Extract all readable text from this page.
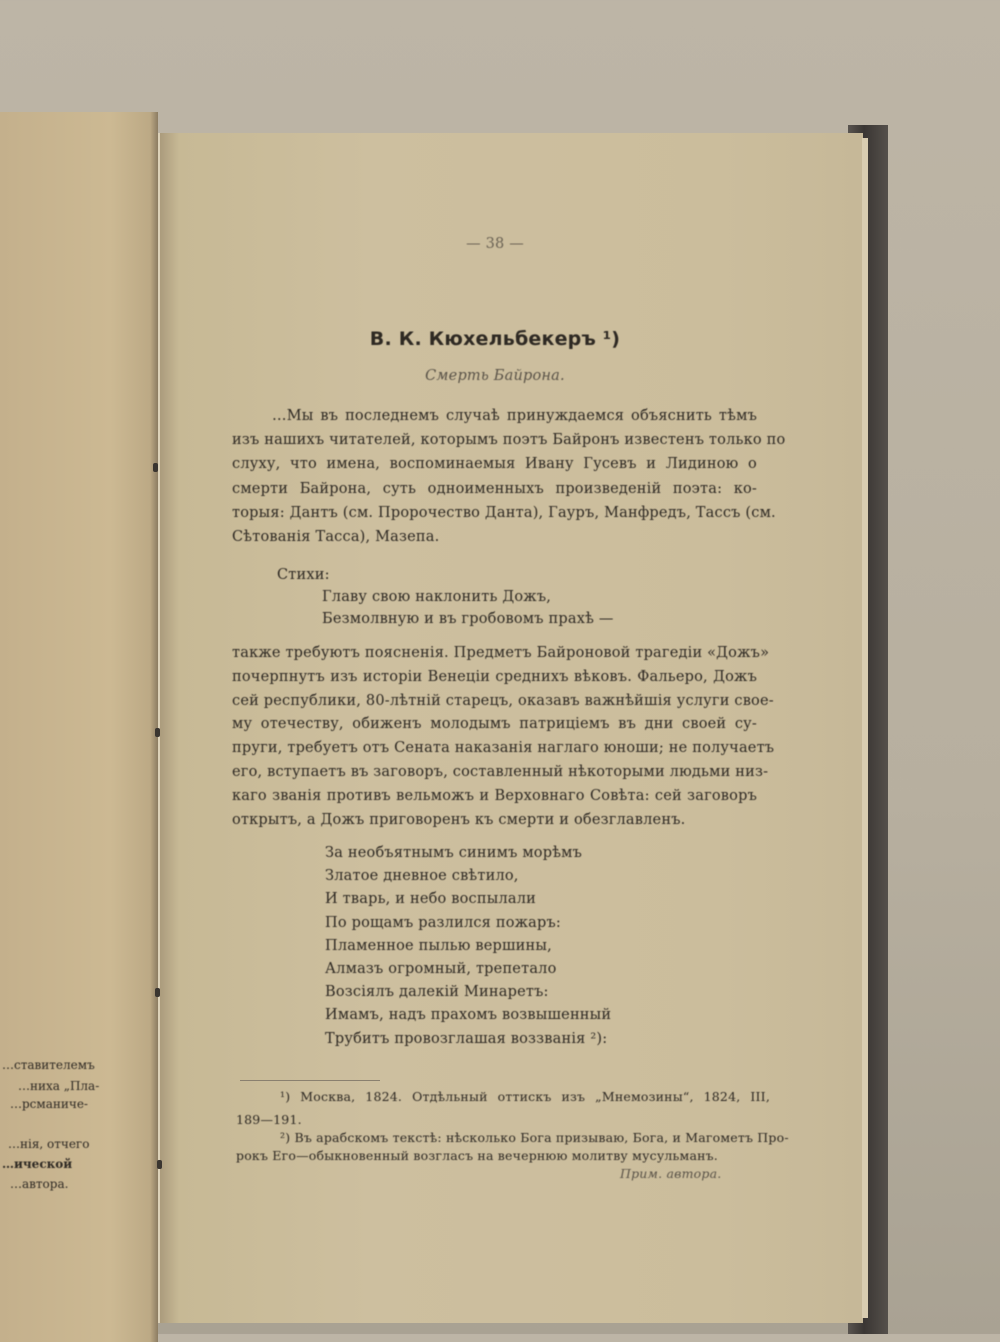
…ставителемъ
…ниха „Пла-
…рсманиче-
…нія, отчего
…ической
…автора.
— 38 —
В. К. Кюхельбекеръ ¹)
Смерть Байрона.
…Мы въ последнемъ случаѣ принуждаемся объяснить тѣмъ
изъ нашихъ читателей, которымъ поэтъ Байронъ известенъ только по
слуху, что имена, воспоминаемыя Ивану Гусевъ и Лидиною о
смерти Байрона, суть одноименныхъ произведеній поэта: ко-
торыя: Дантъ (см. Пророчество Данта), Гауръ, Манфредъ, Тассъ (см.
Сѣтованія Тасса), Мазепа.
Стихи:
Главу свою наклонить Дожъ,
Безмолвную и въ гробовомъ прахѣ —
также требуютъ поясненія. Предметъ Байроновой трагедіи «Дожъ»
почерпнутъ изъ исторіи Венеціи среднихъ вѣковъ. Фальеро, Дожъ
сей республики, 80-лѣтній старецъ, оказавъ важнѣйшія услуги свое-
му отечеству, обиженъ молодымъ патриціемъ въ дни своей су-
пруги, требуетъ отъ Сената наказанія наглаго юноши; не получаетъ
его, вступаетъ въ заговоръ, составленный нѣкоторыми людьми низ-
каго званія противъ вельможъ и Верховнаго Совѣта: сей заговоръ
открытъ, а Дожъ приговоренъ къ смерти и обезглавленъ.
За необъятнымъ синимъ морѣмъ
Златое дневное свѣтило,
И тварь, и небо воспылали
По рощамъ разлился пожаръ:
Пламенное пылью вершины,
Алмазъ огромный, трепетало
Возсіялъ далекій Минаретъ:
Имамъ, надъ прахомъ возвышенный
Трубитъ провозглашая воззванія ²):
¹) Москва, 1824. Отдѣльный оттискъ изъ „Мнемозины“, 1824, III,
189—191.
²) Въ арабскомъ текстѣ: нѣсколько Бога призываю, Бога, и Магометъ Про-
рокъ Его—обыкновенный возгласъ на вечернюю молитву мусульманъ.
Прим. автора.
